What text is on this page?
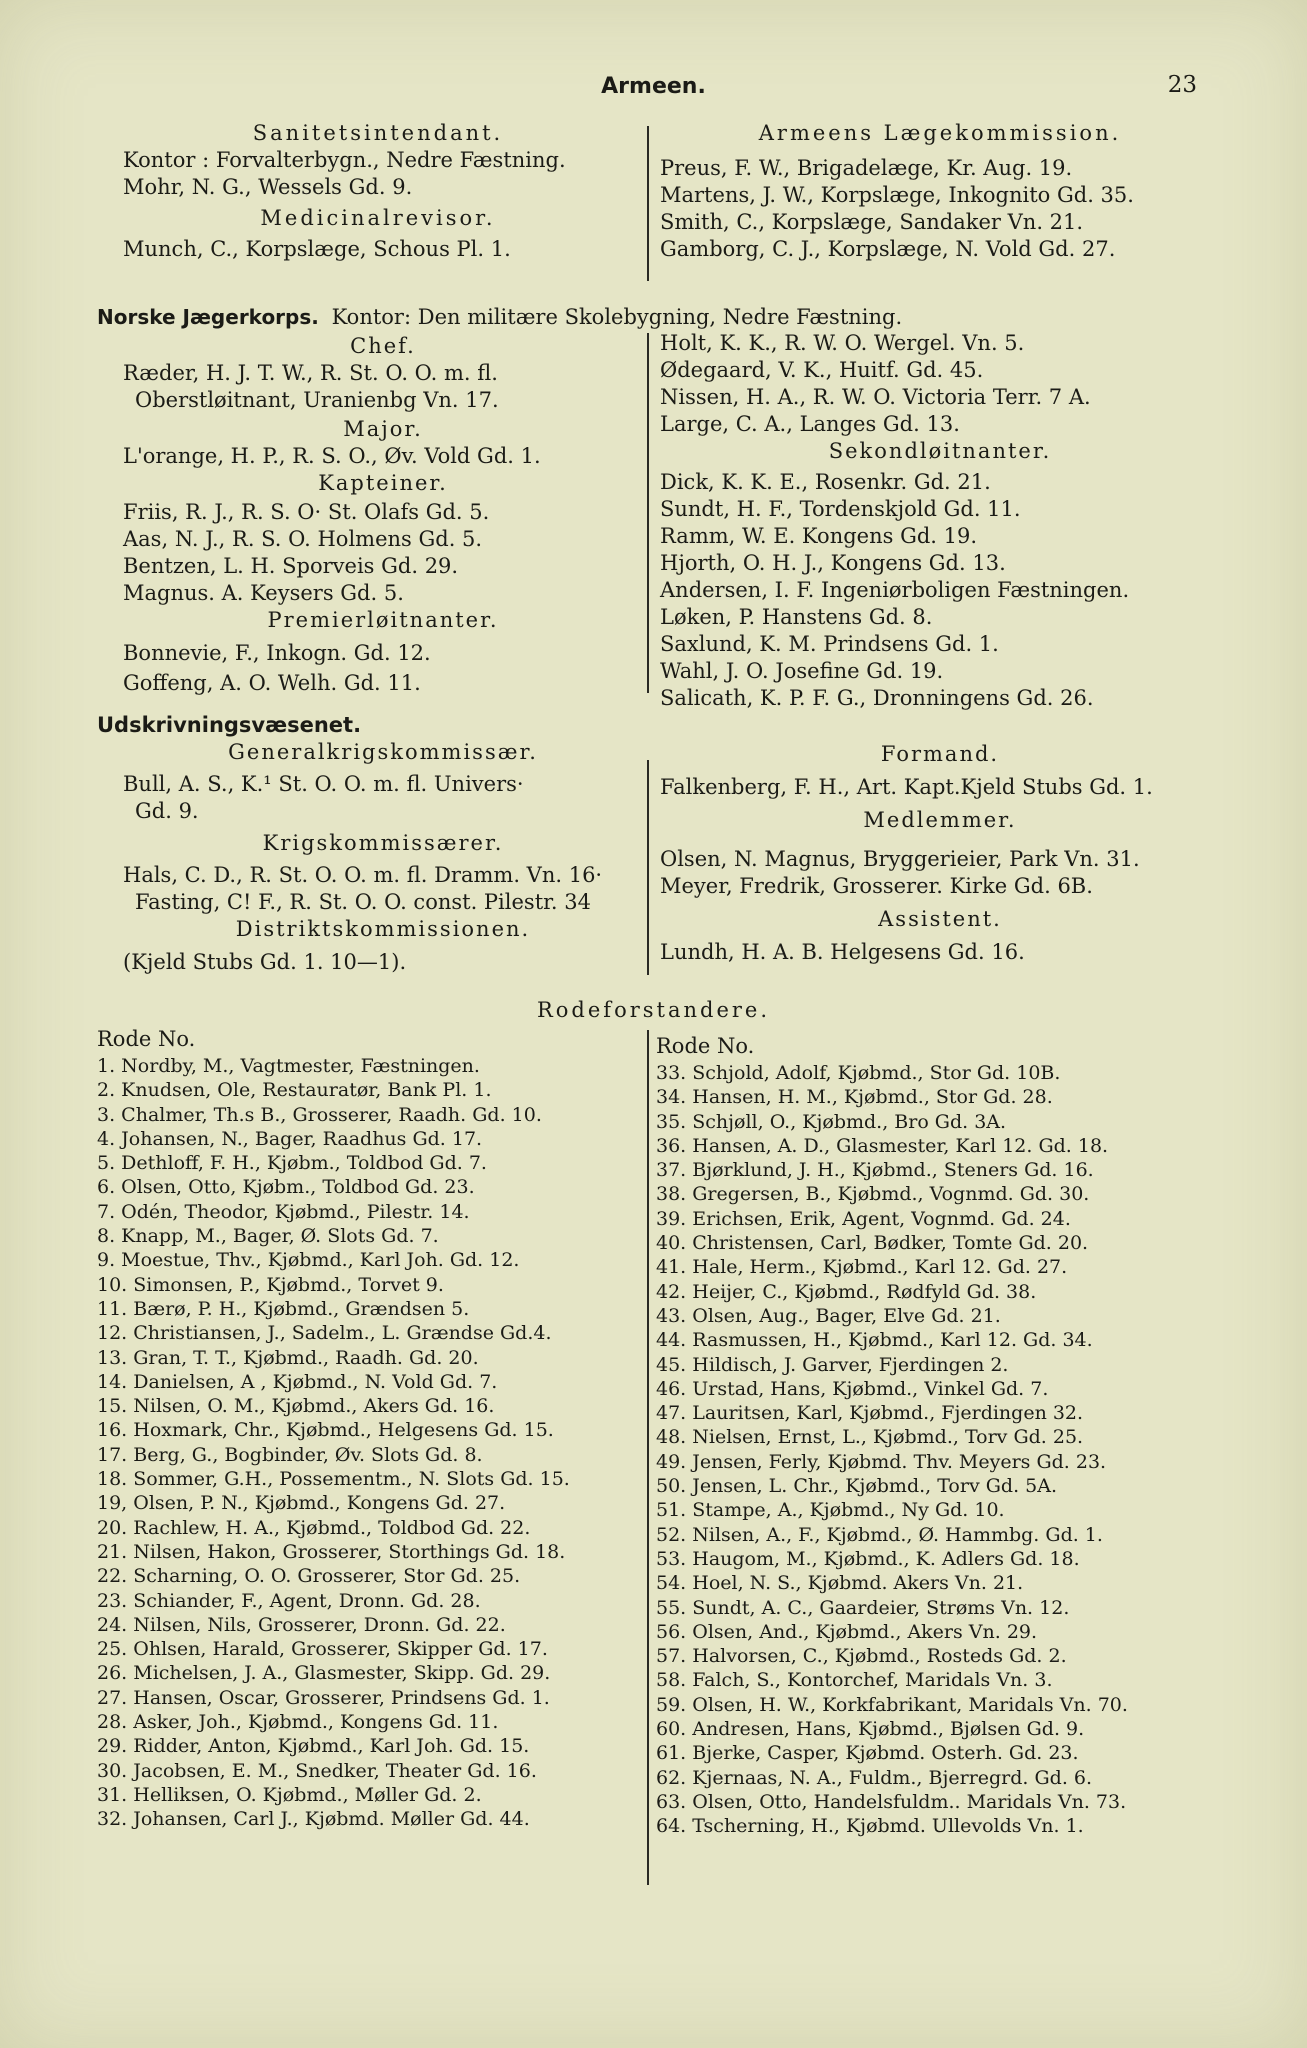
Armeen.	23
Sanitetsintendant.
Kontor : Forvalterbygn., Nedre Fæstning.
Mohr, N. G., Wessels Gd. 9.
Medicinalrevisor.
Munch, C., Korpslæge, Schous Pl. 1.
Armeens Lægekommission.
Preus, F. W., Brigadelæge, Kr. Aug. 19.
Martens, J. W., Korpslæge, Inkognito Gd. 35.
Smith, C., Korpslæge, Sandaker Vn. 21.
Gamborg, C. J., Korpslæge, N. Vold Gd. 27.
Norske Jægerkorps. Kontor: Den militære Skolebygning, Nedre Fæstning.
Chef.
Ræder, H. J. T. W., R. St. O. O. m. fl.
Oberstløitnant, Uranienbg Vn. 17.
Major.
L'orange, H. P., R. S. O., Øv. Vold Gd. 1.
Kapteiner.
Friis, R. J., R. S. O· St. Olafs Gd. 5.
Aas, N. J., R. S. O. Holmens Gd. 5.
Bentzen, L. H. Sporveis Gd. 29.
Magnus. A. Keysers Gd. 5.
Premierløitnanter.
Bonnevie, F., Inkogn. Gd. 12.
Goffeng, A. O. Welh. Gd. 11.
Holt, K. K., R. W. O. Wergel. Vn. 5.
Ødegaard, V. K., Huitf. Gd. 45.
Nissen, H. A., R. W. O. Victoria Terr. 7 A.
Large, C. A., Langes Gd. 13.
Sekondløitnanter.
Dick, K. K. E., Rosenkr. Gd. 21.
Sundt, H. F., Tordenskjold Gd. 11.
Ramm, W. E. Kongens Gd. 19.
Hjorth, O. H. J., Kongens Gd. 13.
Andersen, I. F. Ingeniørboligen Fæstningen.
Løken, P. Hanstens Gd. 8.
Saxlund, K. M. Prindsens Gd. 1.
Wahl, J. O. Josefine Gd. 19.
Salicath, K. P. F. G., Dronningens Gd. 26.
Udskrivningsvæsenet.
Generalkrigskommissær.
Bull, A. S., K.¹ St. O. O. m. fl. Univers·
Gd. 9.
Krigskommissærer.
Hals, C. D., R. St. O. O. m. fl. Dramm. Vn. 16·
Fasting, C! F., R. St. O. O. const. Pilestr. 34
Distriktskommissionen.
(Kjeld Stubs Gd. 1. 10—1).
Formand.
Falkenberg, F. H., Art. Kapt.Kjeld Stubs Gd. 1.
Medlemmer.
Olsen, N. Magnus, Bryggerieier, Park Vn. 31.
Meyer, Fredrik, Grosserer. Kirke Gd. 6B.
Assistent.
Lundh, H. A. B. Helgesens Gd. 16.
Rodeforstandere.
Rode No.
1. Nordby, M., Vagtmester, Fæstningen.
2. Knudsen, Ole, Restauratør, Bank Pl. 1.
3. Chalmer, Th.s B., Grosserer, Raadh. Gd. 10.
4. Johansen, N., Bager, Raadhus Gd. 17.
5. Dethloff, F. H., Kjøbm., Toldbod Gd. 7.
6. Olsen, Otto, Kjøbm., Toldbod Gd. 23.
7. Odén, Theodor, Kjøbmd., Pilestr. 14.
8. Knapp, M., Bager, Ø. Slots Gd. 7.
9. Moestue, Thv., Kjøbmd., Karl Joh. Gd. 12.
10. Simonsen, P., Kjøbmd., Torvet 9.
11. Bærø, P. H., Kjøbmd., Grændsen 5.
12. Christiansen, J., Sadelm., L. Grændse Gd.4.
13. Gran, T. T., Kjøbmd., Raadh. Gd. 20.
14. Danielsen, A , Kjøbmd., N. Vold Gd. 7.
15. Nilsen, O. M., Kjøbmd., Akers Gd. 16.
16. Hoxmark, Chr., Kjøbmd., Helgesens Gd. 15.
17. Berg, G., Bogbinder, Øv. Slots Gd. 8.
18. Sommer, G.H., Possementm., N. Slots Gd. 15.
19, Olsen, P. N., Kjøbmd., Kongens Gd. 27.
20. Rachlew, H. A., Kjøbmd., Toldbod Gd. 22.
21. Nilsen, Hakon, Grosserer, Storthings Gd. 18.
22. Scharning, O. O. Grosserer, Stor Gd. 25.
23. Schiander, F., Agent, Dronn. Gd. 28.
24. Nilsen, Nils, Grosserer, Dronn. Gd. 22.
25. Ohlsen, Harald, Grosserer, Skipper Gd. 17.
26. Michelsen, J. A., Glasmester, Skipp. Gd. 29.
27. Hansen, Oscar, Grosserer, Prindsens Gd. 1.
28. Asker, Joh., Kjøbmd., Kongens Gd. 11.
29. Ridder, Anton, Kjøbmd., Karl Joh. Gd. 15.
30. Jacobsen, E. M., Snedker, Theater Gd. 16.
31. Helliksen, O. Kjøbmd., Møller Gd. 2.
32. Johansen, Carl J., Kjøbmd. Møller Gd. 44.
Rode No.
33. Schjold, Adolf, Kjøbmd., Stor Gd. 10B.
34. Hansen, H. M., Kjøbmd., Stor Gd. 28.
35. Schjøll, O., Kjøbmd., Bro Gd. 3A.
36. Hansen, A. D., Glasmester, Karl 12. Gd. 18.
37. Bjørklund, J. H., Kjøbmd., Steners Gd. 16.
38. Gregersen, B., Kjøbmd., Vognmd. Gd. 30.
39. Erichsen, Erik, Agent, Vognmd. Gd. 24.
40. Christensen, Carl, Bødker, Tomte Gd. 20.
41. Hale, Herm., Kjøbmd., Karl 12. Gd. 27.
42. Heijer, C., Kjøbmd., Rødfyld Gd. 38.
43. Olsen, Aug., Bager, Elve Gd. 21.
44. Rasmussen, H., Kjøbmd., Karl 12. Gd. 34.
45. Hildisch, J. Garver, Fjerdingen 2.
46. Urstad, Hans, Kjøbmd., Vinkel Gd. 7.
47. Lauritsen, Karl, Kjøbmd., Fjerdingen 32.
48. Nielsen, Ernst, L., Kjøbmd., Torv Gd. 25.
49. Jensen, Ferly, Kjøbmd. Thv. Meyers Gd. 23.
50. Jensen, L. Chr., Kjøbmd., Torv Gd. 5A.
51. Stampe, A., Kjøbmd., Ny Gd. 10.
52. Nilsen, A., F., Kjøbmd., Ø. Hammbg. Gd. 1.
53. Haugom, M., Kjøbmd., K. Adlers Gd. 18.
54. Hoel, N. S., Kjøbmd. Akers Vn. 21.
55. Sundt, A. C., Gaardeier, Strøms Vn. 12.
56. Olsen, And., Kjøbmd., Akers Vn. 29.
57. Halvorsen, C., Kjøbmd., Rosteds Gd. 2.
58. Falch, S., Kontorchef, Maridals Vn. 3.
59. Olsen, H. W., Korkfabrikant, Maridals Vn. 70.
60. Andresen, Hans, Kjøbmd., Bjølsen Gd. 9.
61. Bjerke, Casper, Kjøbmd. Osterh. Gd. 23.
62. Kjernaas, N. A., Fuldm., Bjerregrd. Gd. 6.
63. Olsen, Otto, Handelsfuldm.. Maridals Vn. 73.
64. Tscherning, H., Kjøbmd. Ullevolds Vn. 1.
